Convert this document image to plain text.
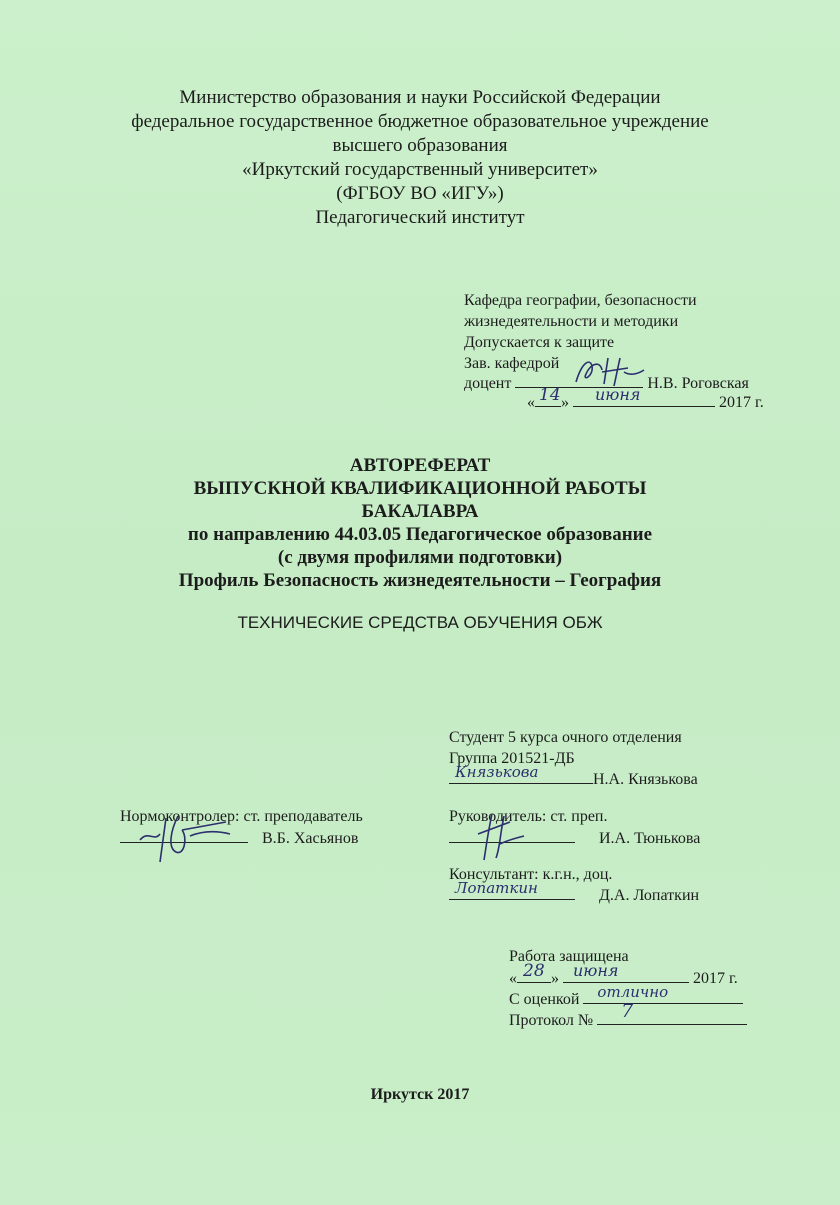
Министерство образования и науки Российской Федерации
федеральное государственное бюджетное образовательное учреждение
высшего образования
«Иркутский государственный университет»
(ФГБОУ ВО «ИГУ»)
Педагогический институт
Кафедра географии, безопасности
жизнедеятельности и методики
Допускается к защите
Зав. кафедрой
доцент	Н.В. Роговская
« 14 » июня	2017 г.
АВТОРЕФЕРАТ
ВЫПУСКНОЙ КВАЛИФИКАЦИОННОЙ РАБОТЫ
БАКАЛАВРА
по направлению 44.03.05 Педагогическое образование
(с двумя профилями подготовки)
Профиль Безопасность жизнедеятельности – География
ТЕХНИЧЕСКИЕ СРЕДСТВА ОБУЧЕНИЯ ОБЖ
Студент 5 курса очного отделения
Группа 201521-ДБ
Князькова	Н.А. Князькова
Нормоконтролер: ст. преподаватель
В.Б. Хасьянов
Руководитель: ст. преп.
И.А. Тюнькова
Консультант: к.г.н., доц.
Лопаткин	Д.А. Лопаткин
Работа защищена
« 28 » июня	2017 г.
С оценкой отлично
Протокол № 7
Иркутск 2017
